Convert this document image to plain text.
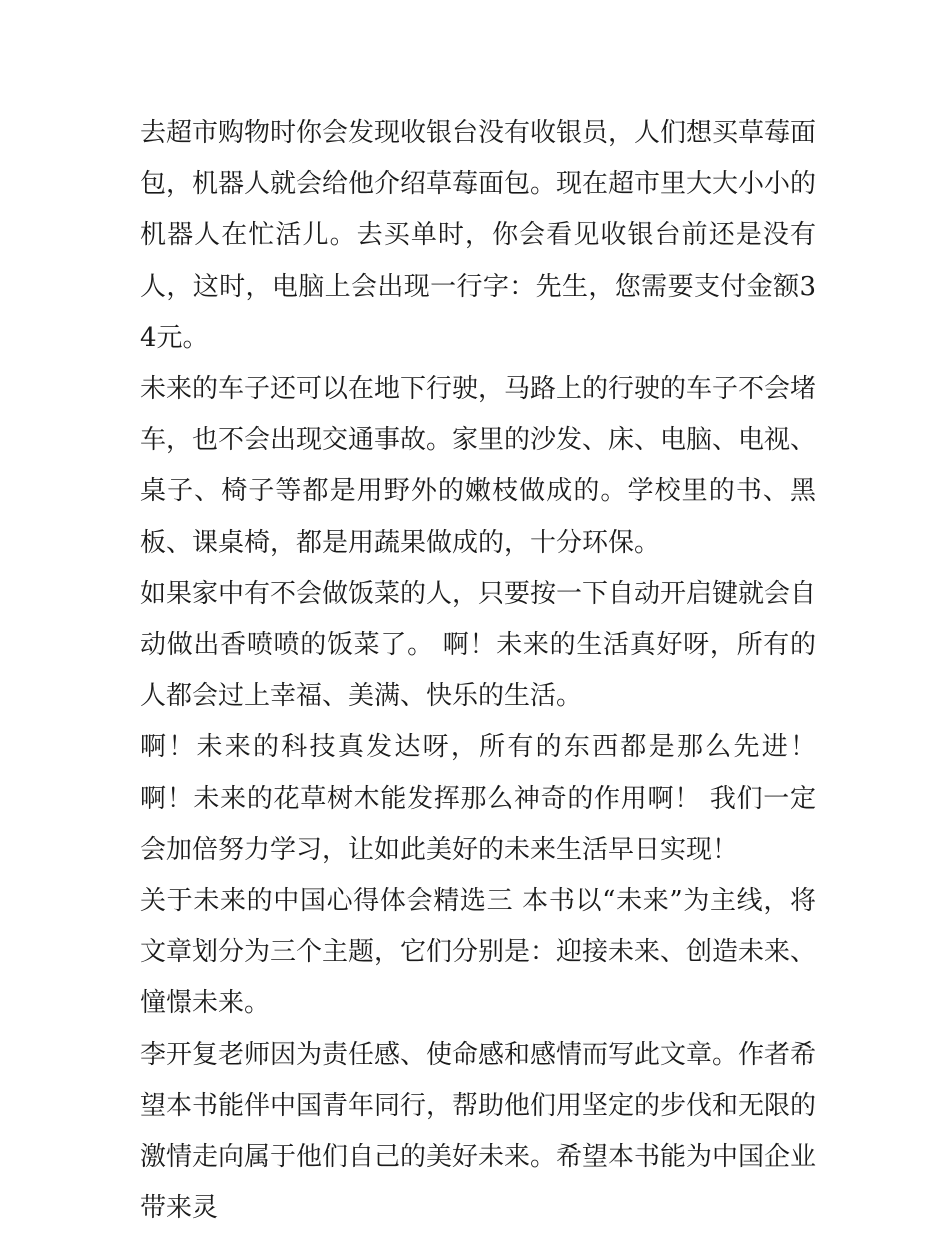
去超市购物时你会发现收银台没有收银员，人们想买草莓面包，机器人就会给他介绍草莓面包。现在超市里大大小小的机器人在忙活儿。去买单时，你会看见收银台前还是没有人，这时，电脑上会出现一行字：先生，您需要支付金额34元。

未来的车子还可以在地下行驶，马路上的行驶的车子不会堵车，也不会出现交通事故。家里的沙发、床、电脑、电视、桌子、椅子等都是用野外的嫩枝做成的。学校里的书、黑板、课桌椅，都是用蔬果做成的，十分环保。

如果家中有不会做饭菜的人，只要按一下自动开启键就会自动做出香喷喷的饭菜了。 啊！未来的生活真好呀，所有的人都会过上幸福、美满、快乐的生活。

啊！未来的科技真发达呀，所有的东西都是那么先进！ 啊！未来的花草树木能发挥那么神奇的作用啊！ 我们一定会加倍努力学习，让如此美好的未来生活早日实现！

关于未来的中国心得体会精选三 本书以“未来”为主线，将文章划分为三个主题，它们分别是：迎接未来、创造未来、憧憬未来。

李开复老师因为责任感、使命感和感情而写此文章。作者希望本书能伴中国青年同行，帮助他们用坚定的步伐和无限的激情走向属于他们自己的美好未来。希望本书能为中国企业带来灵
